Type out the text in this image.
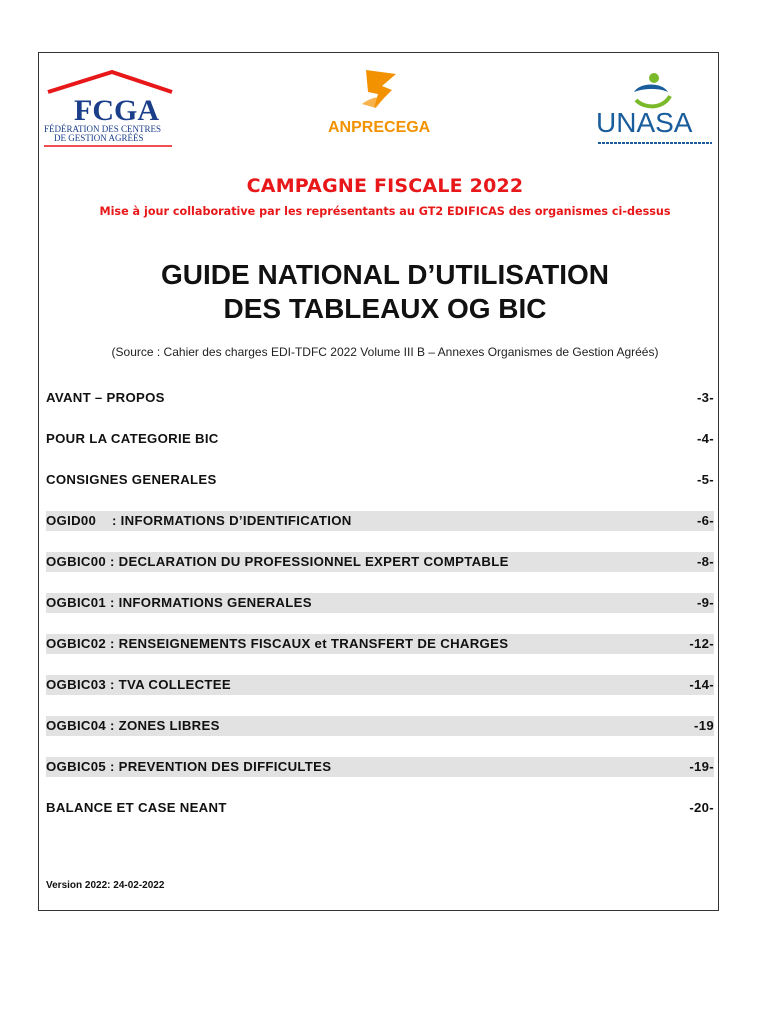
FCGA
FÉDÉRATION DES CENTRES
DE GESTION AGRÉÉS
ANPRECEGA	UNASA
CAMPAGNE FISCALE 2022
Mise à jour collaborative par les représentants au GT2 EDIFICAS des organismes ci-dessus
GUIDE NATIONAL D’UTILISATION
DES TABLEAUX OG BIC
(Source : Cahier des charges EDI-TDFC 2022 Volume III B – Annexes Organismes de Gestion Agréés)
AVANT – PROPOS	-3-
POUR LA CATEGORIE BIC	-4-
CONSIGNES GENERALES	-5-
OGID00    : INFORMATIONS D’IDENTIFICATION	-6-
OGBIC00 : DECLARATION DU PROFESSIONNEL EXPERT COMPTABLE	-8-
OGBIC01 : INFORMATIONS GENERALES	-9-
OGBIC02 : RENSEIGNEMENTS FISCAUX et TRANSFERT DE CHARGES	-12-
OGBIC03 : TVA COLLECTEE	-14-
OGBIC04 : ZONES LIBRES	-19
OGBIC05 : PREVENTION DES DIFFICULTES	-19-
BALANCE ET CASE NEANT	-20-
Version 2022: 24-02-2022
